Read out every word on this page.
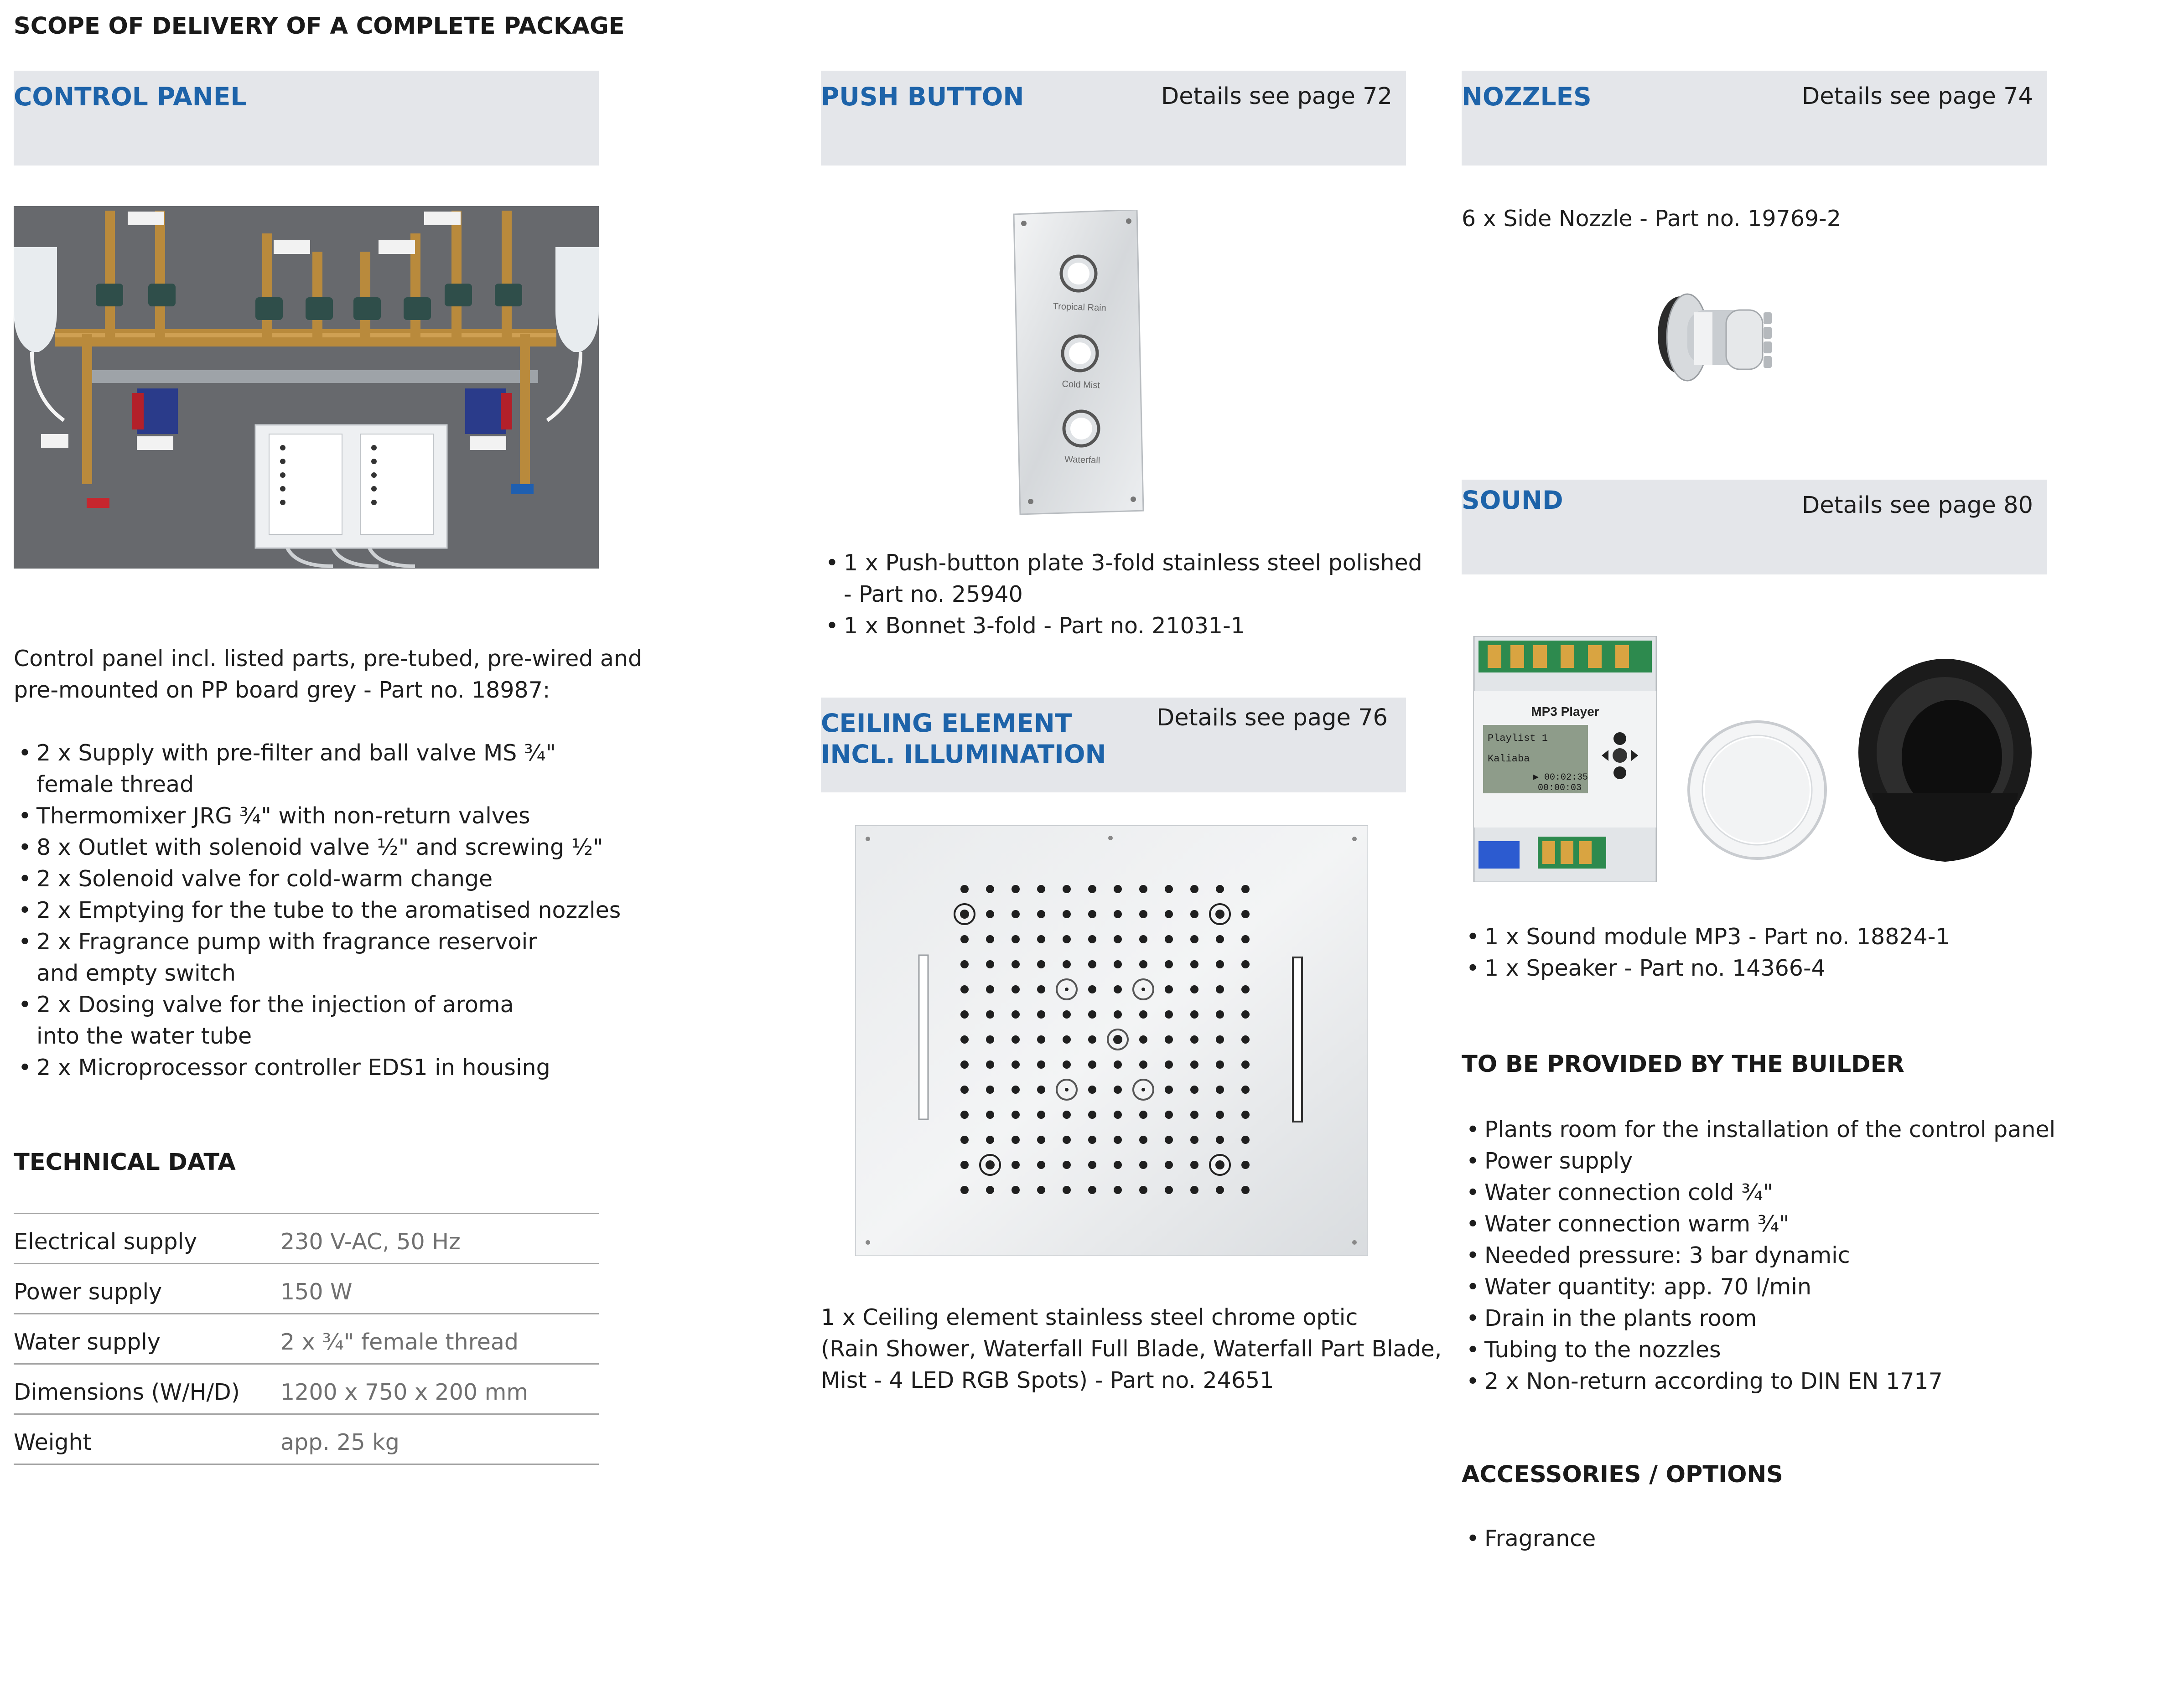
SCOPE OF DELIVERY OF A COMPLETE PACKAGE
CONTROL PANEL
Control panel incl. listed parts, pre-tubed, pre-wired and
pre-mounted on PP board grey - Part no. 18987:
• 2 x Supply with pre-filter and ball valve MS ¾"
female thread
• Thermomixer JRG ¾" with non-return valves
• 8 x Outlet with solenoid valve ½" and screwing ½"
• 2 x Solenoid valve for cold-warm change
• 2 x Emptying for the tube to the aromatised nozzles
• 2 x Fragrance pump with fragrance reservoir
and empty switch
• 2 x Dosing valve for the injection of aroma
into the water tube
• 2 x Microprocessor controller EDS1 in housing
TECHNICAL DATA
Electrical supply	230 V-AC, 50 Hz
Power supply	150 W
Water supply	2 x ¾" female thread
Dimensions (W/H/D)	1200 x 750 x 200 mm
Weight	app. 25 kg
PUSH BUTTON	Details see page 72
Tropical Rain
Cold Mist
Waterfall
• 1 x Push-button plate 3-fold stainless steel polished
- Part no. 25940
• 1 x Bonnet 3-fold - Part no. 21031-1
CEILING ELEMENT
INCL. ILLUMINATION
Details see page 76
1 x Ceiling element stainless steel chrome optic
(Rain Shower, Waterfall Full Blade, Waterfall Part Blade,
Mist - 4 LED RGB Spots) - Part no. 24651
NOZZLES	Details see page 74
6 x Side Nozzle - Part no. 19769-2
SOUND	Details see page 80
MP3 Player
Playlist 1
Kaliaba
▶ 00:02:35
00:00:03
• 1 x Sound module MP3 - Part no. 18824-1
• 1 x Speaker - Part no. 14366-4
TO BE PROVIDED BY THE BUILDER
• Plants room for the installation of the control panel
• Power supply
• Water connection cold ¾"
• Water connection warm ¾"
• Needed pressure: 3 bar dynamic
• Water quantity: app. 70 l/min
• Drain in the plants room
• Tubing to the nozzles
• 2 x Non-return according to DIN EN 1717
ACCESSORIES / OPTIONS
• Fragrance
